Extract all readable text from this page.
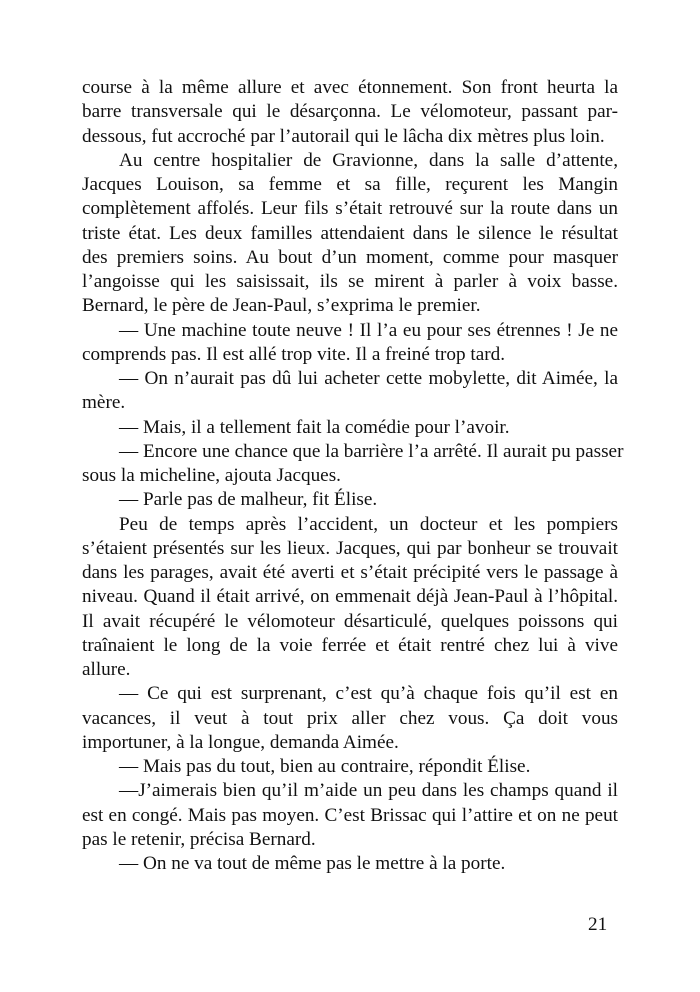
course à la même allure et avec étonnement. Son front heurta la
barre transversale qui le désarçonna. Le vélomoteur, passant par-
dessous, fut accroché par l’autorail qui le lâcha dix mètres plus loin.
Au centre hospitalier de Gravionne, dans la salle d’attente,
Jacques Louison, sa femme et sa fille, reçurent les Mangin
complètement affolés. Leur fils s’était retrouvé sur la route dans un
triste état. Les deux familles attendaient dans le silence le résultat
des premiers soins. Au bout d’un moment, comme pour masquer
l’angoisse qui les saisissait, ils se mirent à parler à voix basse.
Bernard, le père de Jean-Paul, s’exprima le premier.
— Une machine toute neuve ! Il l’a eu pour ses étrennes ! Je ne
comprends pas. Il est allé trop vite. Il a freiné trop tard.
— On n’aurait pas dû lui acheter cette mobylette, dit Aimée, la
mère.
— Mais, il a tellement fait la comédie pour l’avoir.
— Encore une chance que la barrière l’a arrêté. Il aurait pu passer
sous la micheline, ajouta Jacques.
— Parle pas de malheur, fit Élise.
Peu de temps après l’accident, un docteur et les pompiers
s’étaient présentés sur les lieux. Jacques, qui par bonheur se trouvait
dans les parages, avait été averti et s’était précipité vers le passage à
niveau. Quand il était arrivé, on emmenait déjà Jean-Paul à l’hôpital.
Il avait récupéré le vélomoteur désarticulé, quelques poissons qui
traînaient le long de la voie ferrée et était rentré chez lui à vive
allure.
— Ce qui est surprenant, c’est qu’à chaque fois qu’il est en
vacances, il veut à tout prix aller chez vous. Ça doit vous
importuner, à la longue, demanda Aimée.
— Mais pas du tout, bien au contraire, répondit Élise.
—J’aimerais bien qu’il m’aide un peu dans les champs quand il
est en congé. Mais pas moyen. C’est Brissac qui l’attire et on ne peut
pas le retenir, précisa Bernard.
— On ne va tout de même pas le mettre à la porte.
21
